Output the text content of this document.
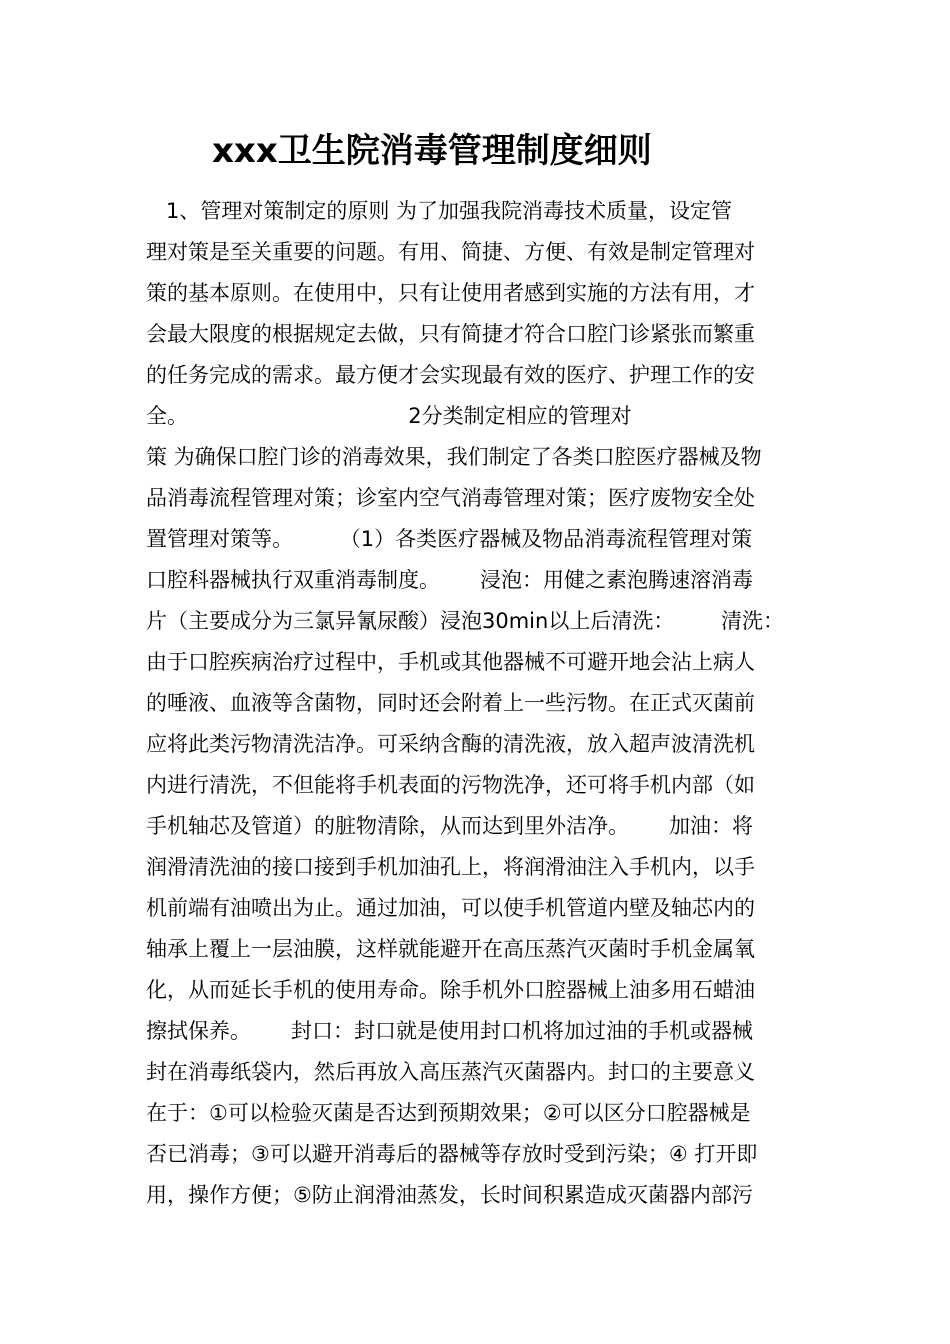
xxx卫生院消毒管理制度细则
1、管理对策制定的原则 为了加强我院消毒技术质量，设定管
理对策是至关重要的问题。有用、简捷、方便、有效是制定管理对
策的基本原则。在使用中，只有让使用者感到实施的方法有用，才
会最大限度的根据规定去做，只有简捷才符合口腔门诊紧张而繁重
的任务完成的需求。最方便才会实现最有效的医疗、护理工作的安
全。                                 2分类制定相应的管理对
策 为确保口腔门诊的消毒效果，我们制定了各类口腔医疗器械及物
品消毒流程管理对策；诊室内空气消毒管理对策；医疗废物安全处
置管理对策等。       （1）各类医疗器械及物品消毒流程管理对策
口腔科器械执行双重消毒制度。      浸泡：用健之素泡腾速溶消毒
片（主要成分为三氯异氰尿酸）浸泡30min以上后清洗：       清洗：
由于口腔疾病治疗过程中，手机或其他器械不可避开地会沾上病人
的唾液、血液等含菌物，同时还会附着上一些污物。在正式灭菌前
应将此类污物清洗洁净。可采纳含酶的清洗液，放入超声波清洗机
内进行清洗，不但能将手机表面的污物洗净，还可将手机内部（如
手机轴芯及管道）的脏物清除，从而达到里外洁净。      加油：将
润滑清洗油的接口接到手机加油孔上，将润滑油注入手机内，以手
机前端有油喷出为止。通过加油，可以使手机管道内壁及轴芯内的
轴承上覆上一层油膜，这样就能避开在高压蒸汽灭菌时手机金属氧
化，从而延长手机的使用寿命。除手机外口腔器械上油多用石蜡油
擦拭保养。      封口：封口就是使用封口机将加过油的手机或器械
封在消毒纸袋内，然后再放入高压蒸汽灭菌器内。封口的主要意义
在于：①可以检验灭菌是否达到预期效果；②可以区分口腔器械是
否已消毒；③可以避开消毒后的器械等存放时受到污染；④ 打开即
用，操作方便；⑤防止润滑油蒸发，长时间积累造成灭菌器内部污
